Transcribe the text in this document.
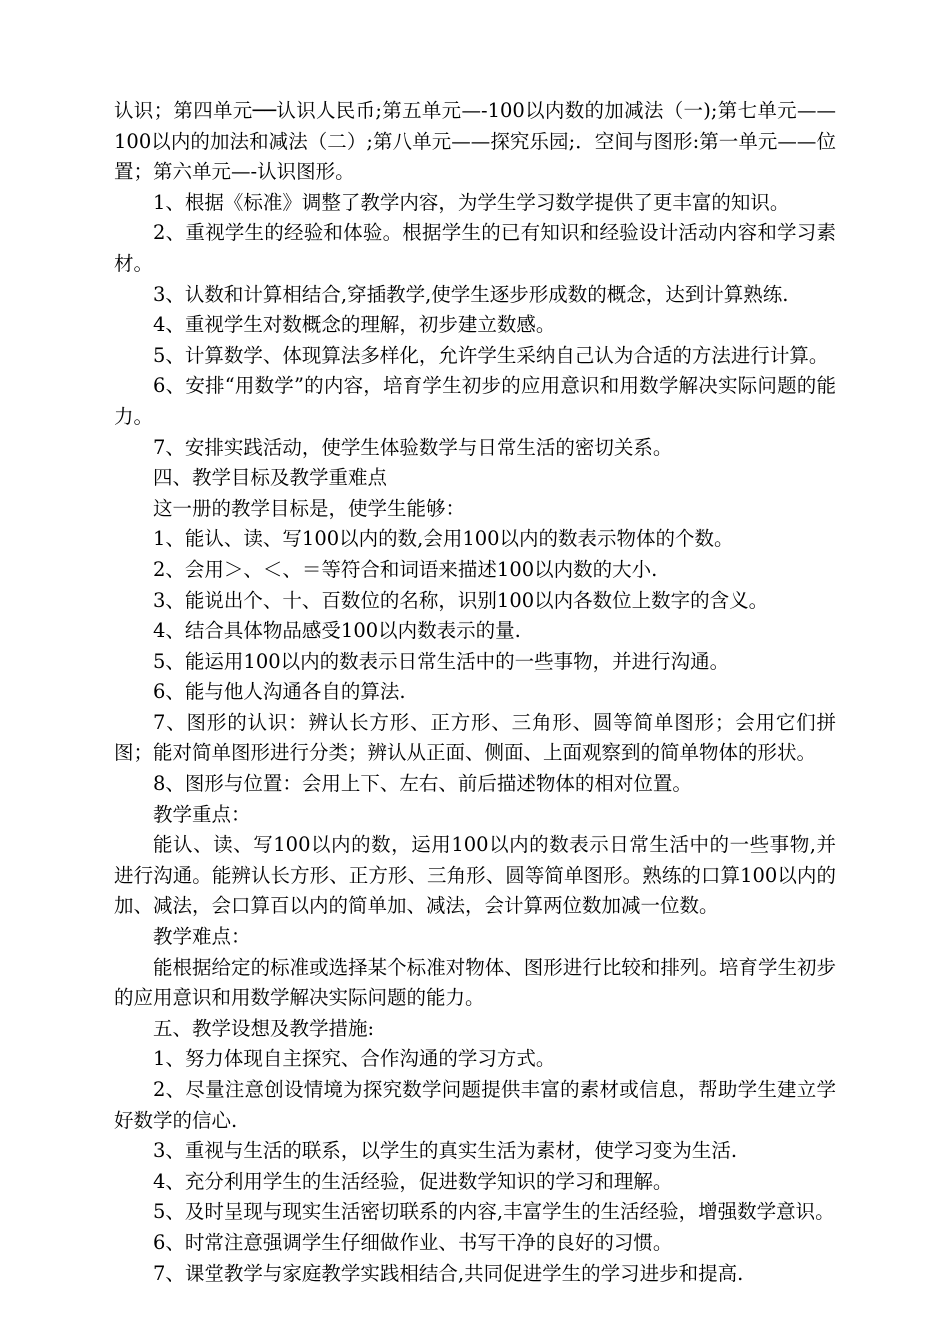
认识；第四单元──认识人民币;第五单元—-100以内数的加减法（一);第七单元——100以内的加法和减法（二）;第八单元——探究乐园;．空间与图形:第一单元——位置；第六单元—-认识图形。

1、根据《标准》调整了教学内容，为学生学习数学提供了更丰富的知识。

2、重视学生的经验和体验。根据学生的已有知识和经验设计活动内容和学习素材。

3、认数和计算相结合,穿插教学,使学生逐步形成数的概念，达到计算熟练.

4、重视学生对数概念的理解，初步建立数感。

5、计算数学、体现算法多样化，允许学生采纳自己认为合适的方法进行计算。

6、安排“用数学”的内容，培育学生初步的应用意识和用数学解决实际问题的能力。

7、安排实践活动，使学生体验数学与日常生活的密切关系。

四、教学目标及教学重难点

这一册的教学目标是，使学生能够：

1、能认、读、写100以内的数,会用100以内的数表示物体的个数。

2、会用＞、＜、＝等符合和词语来描述100以内数的大小.

3、能说出个、十、百数位的名称，识别100以内各数位上数字的含义。

4、结合具体物品感受100以内数表示的量.

5、能运用100以内的数表示日常生活中的一些事物，并进行沟通。

6、能与他人沟通各自的算法.

7、图形的认识：辨认长方形、正方形、三角形、圆等简单图形；会用它们拼图；能对简单图形进行分类；辨认从正面、侧面、上面观察到的简单物体的形状。

8、图形与位置：会用上下、左右、前后描述物体的相对位置。

教学重点：

能认、读、写100以内的数，运用100以内的数表示日常生活中的一些事物,并进行沟通。能辨认长方形、正方形、三角形、圆等简单图形。熟练的口算100以内的加、减法，会口算百以内的简单加、减法，会计算两位数加减一位数。

教学难点：

能根据给定的标准或选择某个标准对物体、图形进行比较和排列。培育学生初步的应用意识和用数学解决实际问题的能力。

五、教学设想及教学措施:

1、努力体现自主探究、合作沟通的学习方式。

2、尽量注意创设情境为探究数学问题提供丰富的素材或信息，帮助学生建立学好数学的信心.

3、重视与生活的联系，以学生的真实生活为素材，使学习变为生活.

4、充分利用学生的生活经验，促进数学知识的学习和理解。

5、及时呈现与现实生活密切联系的内容,丰富学生的生活经验，增强数学意识。

6、时常注意强调学生仔细做作业、书写干净的良好的习惯。

7、课堂教学与家庭教学实践相结合,共同促进学生的学习进步和提高.
